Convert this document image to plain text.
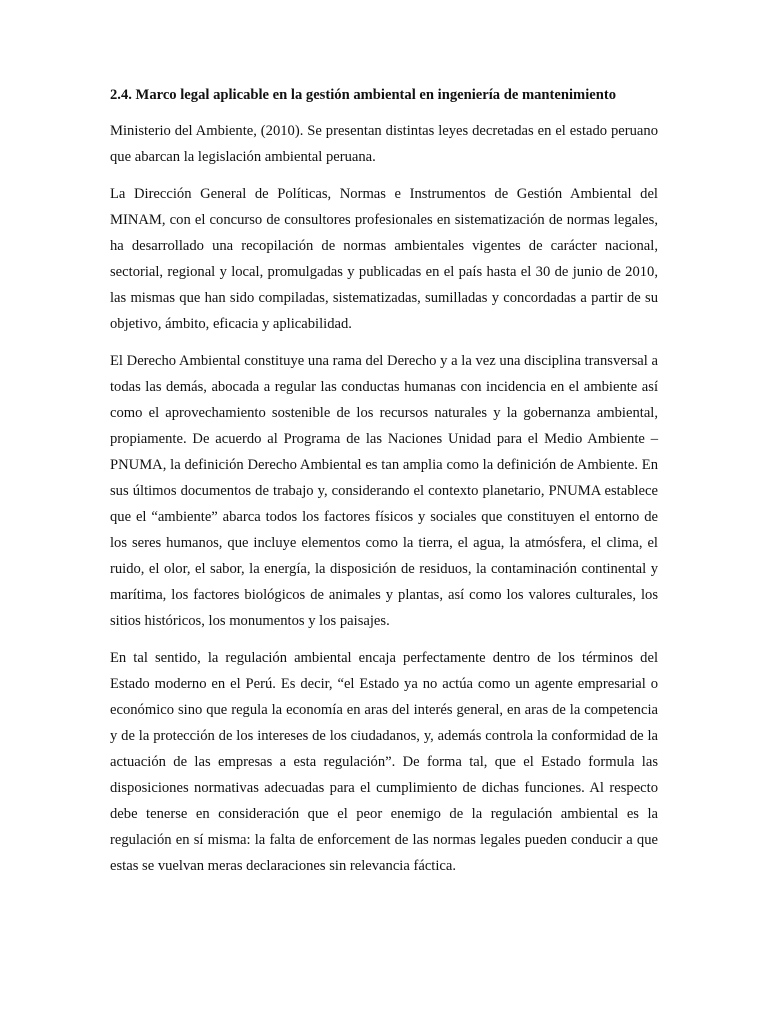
2.4. Marco legal aplicable en la gestión ambiental en ingeniería de mantenimiento

Ministerio del Ambiente, (2010). Se presentan distintas leyes decretadas en el estado peruano que abarcan la legislación ambiental peruana.

La Dirección General de Políticas, Normas e Instrumentos de Gestión Ambiental del MINAM, con el concurso de consultores profesionales en sistematización de normas legales, ha desarrollado una recopilación de normas ambientales vigentes de carácter nacional, sectorial, regional y local, promulgadas y publicadas en el país hasta el 30 de junio de 2010, las mismas que han sido compiladas, sistematizadas, sumilladas y concordadas a partir de su objetivo, ámbito, eficacia y aplicabilidad.

El Derecho Ambiental constituye una rama del Derecho y a la vez una disciplina transversal a todas las demás, abocada a regular las conductas humanas con incidencia en el ambiente así como el aprovechamiento sostenible de los recursos naturales y la gobernanza ambiental, propiamente. De acuerdo al Programa de las Naciones Unidad para el Medio Ambiente – PNUMA, la definición Derecho Ambiental es tan amplia como la definición de Ambiente. En sus últimos documentos de trabajo y, considerando el contexto planetario, PNUMA establece que el “ambiente” abarca todos los factores físicos y sociales que constituyen el entorno de los seres humanos, que incluye elementos como la tierra, el agua, la atmósfera, el clima, el ruido, el olor, el sabor, la energía, la disposición de residuos, la contaminación continental y marítima, los factores biológicos de animales y plantas, así como los valores culturales, los sitios históricos, los monumentos y los paisajes.

En tal sentido, la regulación ambiental encaja perfectamente dentro de los términos del Estado moderno en el Perú. Es decir, “el Estado ya no actúa como un agente empresarial o económico sino que regula la economía en aras del interés general, en aras de la competencia y de la protección de los intereses de los ciudadanos, y, además controla la conformidad de la actuación de las empresas a esta regulación”. De forma tal, que el Estado formula las disposiciones normativas adecuadas para el cumplimiento de dichas funciones. Al respecto debe tenerse en consideración que el peor enemigo de la regulación ambiental es la regulación en sí misma: la falta de enforcement de las normas legales pueden conducir a que estas se vuelvan meras declaraciones sin relevancia fáctica.
